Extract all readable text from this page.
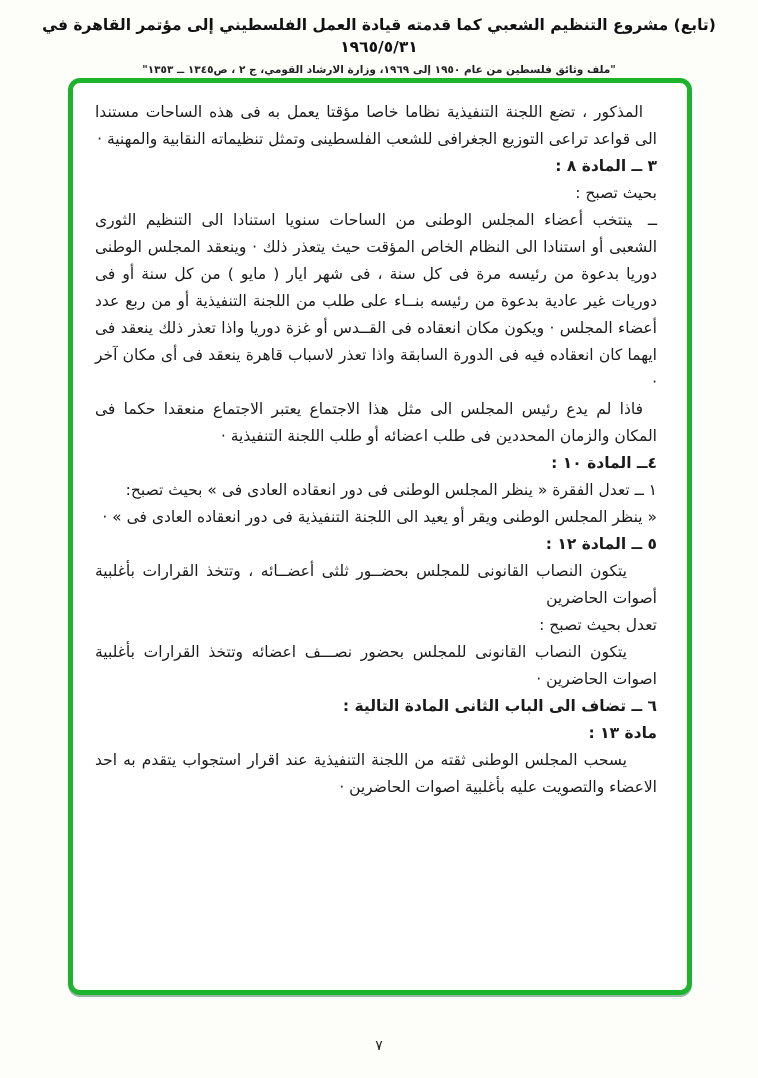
(تابع) مشروع التنظيم الشعبي كما قدمته قيادة العمل الفلسطيني إلى مؤتمر القاهرة في ١٩٦٥/٥/٣١
"ملف وثائق فلسطين من عام ١٩٥٠ إلى ١٩٦٩، وزارة الارشاد القومي، ج ٢ ، ص١٣٤٥ ــ ١٣٥٣"

المذكور ، تضع اللجنة التنفيذية نظاما خاصا مؤقتا يعمل به فى هذه الساحات مستندا الى قواعد تراعى التوزيع الجغرافى للشعب الفلسطينى وتمثل تنظيماته النقابية والمهنية ·

٣ ــ المادة ٨ :

بحيث تصبح :

ــينتخب أعضاء المجلس الوطنى من الساحات سنويا استنادا الى التنظيم الثورى الشعبى أو استنادا الى النظام الخاص المؤقت حيث يتعذر ذلك · وينعقد المجلس الوطنى دوريا بدعوة من رئيسه مرة فى كل سنة ، فى شهر ايار ( مايو ) من كل سنة أو فى دوريات غير عادية بدعوة من رئيسه بنــاء على طلب من اللجنة التنفيذية أو من ربع عدد أعضاء المجلس · ويكون مكان انعقاده فى القــدس أو غزة دوريا واذا تعذر ذلك ينعقد فى ايهما كان انعقاده فيه فى الدورة السابقة واذا تعذر لاسباب قاهرة ينعقد فى أى مكان آخر ·

فاذا لم يدع رئيس المجلس الى مثل هذا الاجتماع يعتبر الاجتماع منعقدا حكما فى المكان والزمان المحددين فى طلب اعضائه أو طلب اللجنة التنفيذية ·

٤ــ المادة ١٠ :

١ ــ تعدل الفقرة « ينظر المجلس الوطنى فى دور انعقاده العادى فى » بحيث تصبح:

« ينظر المجلس الوطنى ويقر أو يعيد الى اللجنة التنفيذية فى دور انعقاده العادى فى » ·

٥ ــ المادة ١٢ :

يتكون النصاب القانونى للمجلس بحضــور ثلثى أعضــائه ، وتتخذ القرارات بأغلبية أصوات الحاضرين

تعدل بحيث تصبح :

يتكون النصاب القانونى للمجلس بحضور نصـــف اعضائه وتتخذ القرارات بأغلبية اصوات الحاضرين ·

٦ ــ تضاف الى الباب الثانى المادة التالية :

مادة ١٣ :

يسحب المجلس الوطنى ثقته من اللجنة التنفيذية عند اقرار استجواب يتقدم به احد الاعضاء والتصويت عليه بأغلبية اصوات الحاضرين ·

٧
